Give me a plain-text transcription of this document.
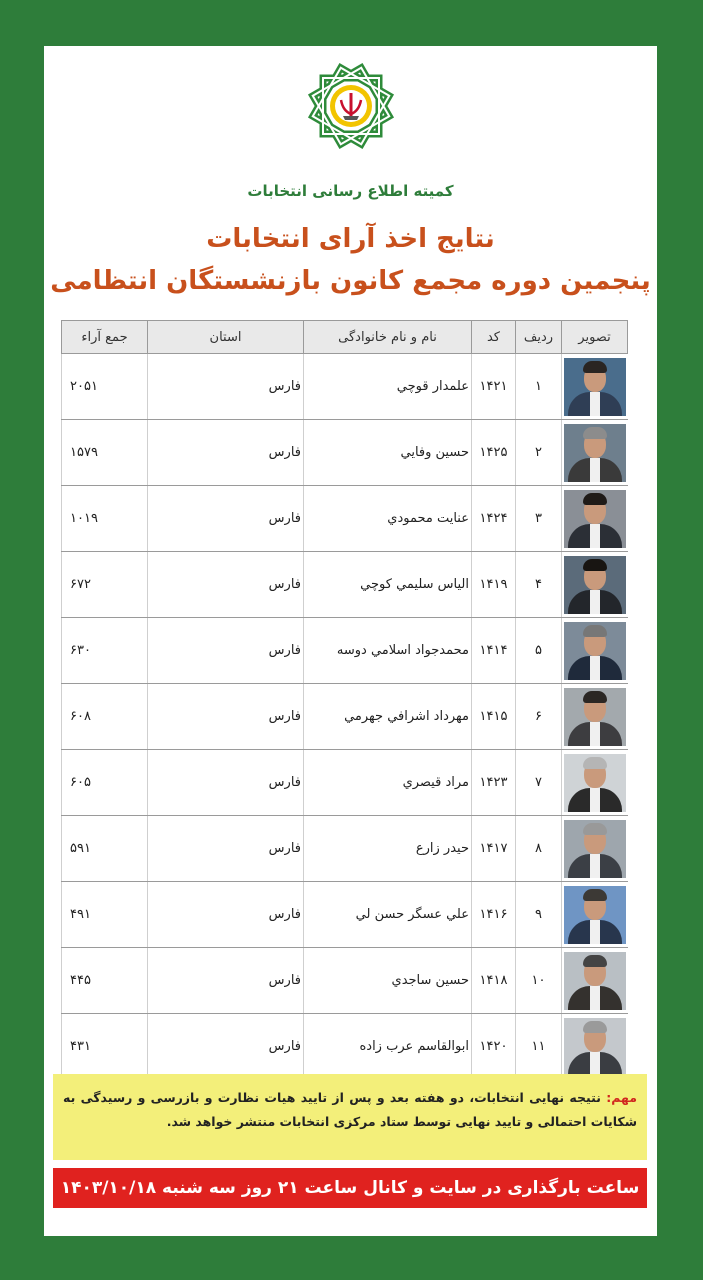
کمیته اطلاع رسانی انتخابات
نتایج اخذ آرای انتخابات
پنجمین دوره مجمع کانون بازنشستگان انتظامی
تصویر	ردیف	کد	نام و نام خانوادگی	استان	جمع آراء

	۱	۱۴۲۱	علمدار قوچي	فارس	۲۰۵۱

	۲	۱۴۲۵	حسين وفايي	فارس	۱۵۷۹

	۳	۱۴۲۴	عنايت محمودي	فارس	۱۰۱۹

	۴	۱۴۱۹	الياس سليمي كوچي	فارس	۶۷۲

	۵	۱۴۱۴	محمدجواد اسلامي دوسه	فارس	۶۳۰

	۶	۱۴۱۵	مهرداد اشرافي جهرمي	فارس	۶۰۸

	۷	۱۴۲۳	مراد قيصري	فارس	۶۰۵

	۸	۱۴۱۷	حيدر زارع	فارس	۵۹۱

	۹	۱۴۱۶	علي عسگر حسن لي	فارس	۴۹۱

	۱۰	۱۴۱۸	حسين ساجدي	فارس	۴۴۵

	۱۱	۱۴۲۰	ابوالقاسم عرب زاده	فارس	۴۳۱

مهم: نتیجه نهایی انتخابات، دو هفته بعد و پس از تایید هیات نظارت و بازرسی و رسیدگی به شکایات احتمالی و تایید نهایی توسط ستاد مرکزی انتخابات منتشر خواهد شد.

ساعت بارگذاری در سایت و کانال ساعت ۲۱ روز سه شنبه ۱۴۰۳/۱۰/۱۸
